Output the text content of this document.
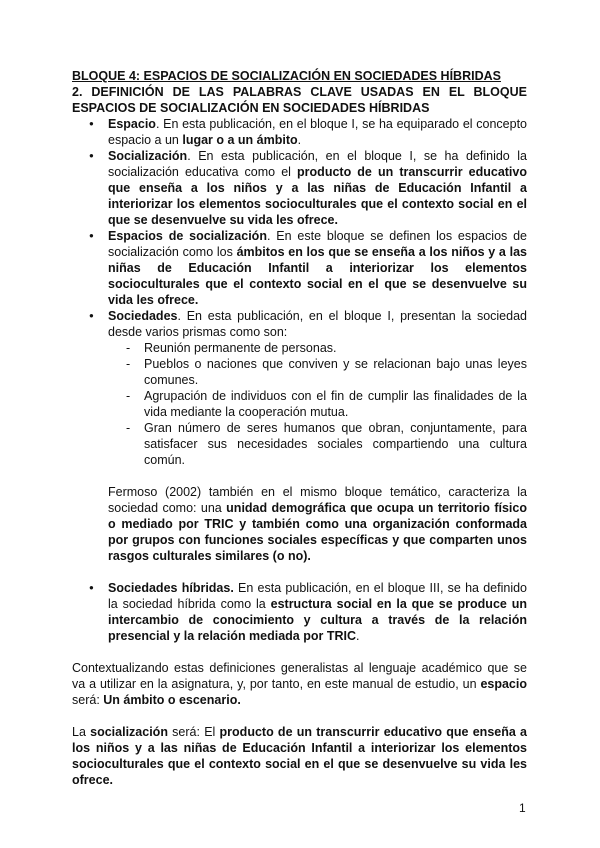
BLOQUE 4: ESPACIOS DE SOCIALIZACIÓN EN SOCIEDADES HÍBRIDAS

2. DEFINICIÓN DE LAS PALABRAS CLAVE USADAS EN EL BLOQUE ESPACIOS DE SOCIALIZACIÓN EN SOCIEDADES HÍBRIDAS

● Espacio. En esta publicación, en el bloque I, se ha equiparado el concepto espacio a un lugar o a un ámbito.
● Socialización. En esta publicación, en el bloque I, se ha definido la socialización educativa como el producto de un transcurrir educativo que enseña a los niños y a las niñas de Educación Infantil a interiorizar los elementos socioculturales que el contexto social en el que se desenvuelve su vida les ofrece.
● Espacios de socialización. En este bloque se definen los espacios de socialización como los ámbitos en los que se enseña a los niños y a las niñas de Educación Infantil a interiorizar los elementos socioculturales que el contexto social en el que se desenvuelve su vida les ofrece.
● Sociedades. En esta publicación, en el bloque I, presentan la sociedad desde varios prismas como son:
- Reunión permanente de personas.
- Pueblos o naciones que conviven y se relacionan bajo unas leyes comunes.
- Agrupación de individuos con el fin de cumplir las finalidades de la vida mediante la cooperación mutua.
- Gran número de seres humanos que obran, conjuntamente, para satisfacer sus necesidades sociales compartiendo una cultura común.

Fermoso (2002) también en el mismo bloque temático, caracteriza la sociedad como: una unidad demográfica que ocupa un territorio físico o mediado por TRIC y también como una organización conformada por grupos con funciones sociales específicas y que comparten unos rasgos culturales similares (o no).

● Sociedades híbridas. En esta publicación, en el bloque III, se ha definido la sociedad híbrida como la estructura social en la que se produce un intercambio de conocimiento y cultura a través de la relación presencial y la relación mediada por TRIC.

Contextualizando estas definiciones generalistas al lenguaje académico que se va a utilizar en la asignatura, y, por tanto, en este manual de estudio, un espacio será: Un ámbito o escenario.

La socialización será: El producto de un transcurrir educativo que enseña a los niños y a las niñas de Educación Infantil a interiorizar los elementos socioculturales que el contexto social en el que se desenvuelve su vida les ofrece.

1
